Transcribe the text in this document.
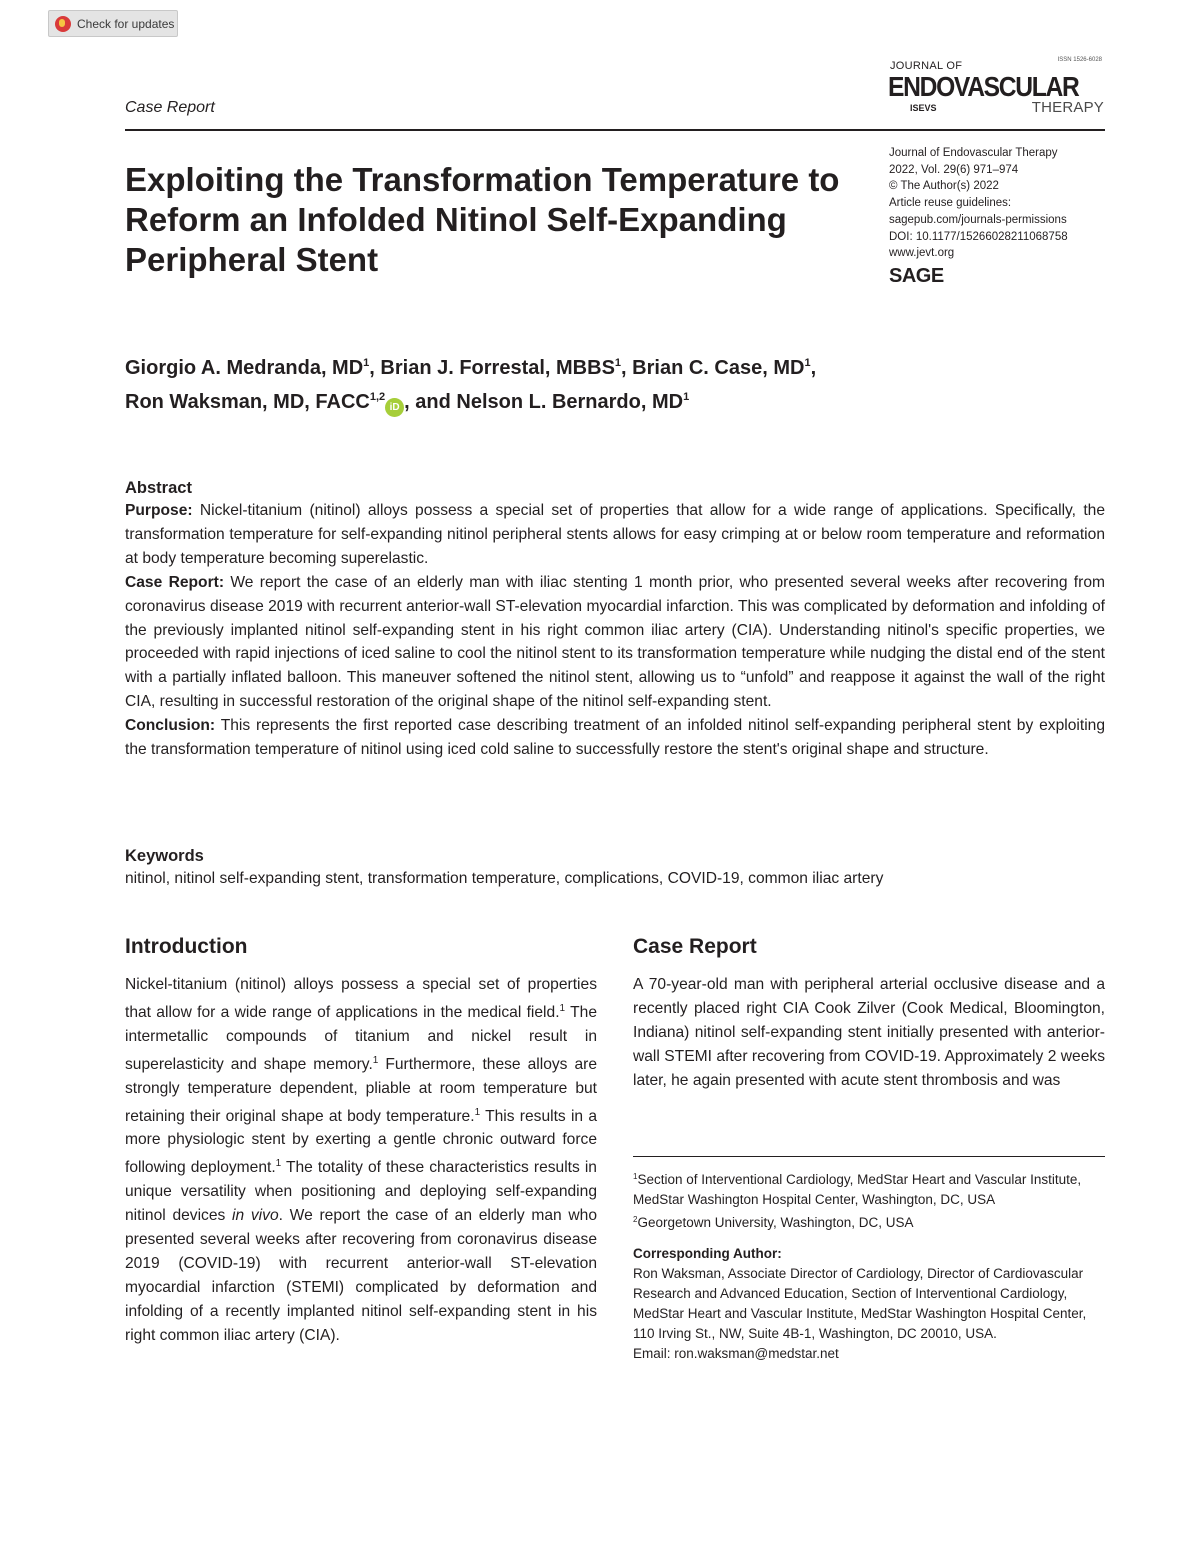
Check for updates
Case Report
ISSN 1526-6028
JOURNAL OF
ENDOVASCULAR
ISEVS	THERAPY
Exploiting the Transformation Temperature to Reform an Infolded Nitinol Self-Expanding Peripheral Stent
Journal of Endovascular Therapy
2022, Vol. 29(6) 971–974
© The Author(s) 2022
Article reuse guidelines:
sagepub.com/journals-permissions
DOI: 10.1177/15266028211068758
www.jevt.org
SAGE
Giorgio A. Medranda, $MD^1$, Brian J. Forrestal, MBBS$^1$, Brian C. Case, $MD^1$,
Ron Waksman, MD, FACC$^{1,2}$iD , and Nelson L. Bernardo, $MD^1$
Abstract

Purpose: Nickel-titanium (nitinol) alloys possess a special set of properties that allow for a wide range of applications. Specifically, the transformation temperature for self-expanding nitinol peripheral stents allows for easy crimping at or below room temperature and reformation at body temperature becoming superelastic.

Case Report: We report the case of an elderly man with iliac stenting 1 month prior, who presented several weeks after recovering from coronavirus disease 2019 with recurrent anterior-wall ST-elevation myocardial infarction. This was complicated by deformation and infolding of the previously implanted nitinol self-expanding stent in his right common iliac artery (CIA). Understanding nitinol's specific properties, we proceeded with rapid injections of iced saline to cool the nitinol stent to its transformation temperature while nudging the distal end of the stent with a partially inflated balloon. This maneuver softened the nitinol stent, allowing us to “unfold” and reappose it against the wall of the right CIA, resulting in successful restoration of the original shape of the nitinol self-expanding stent.

Conclusion: This represents the first reported case describing treatment of an infolded nitinol self-expanding peripheral stent by exploiting the transformation temperature of nitinol using iced cold saline to successfully restore the stent's original shape and structure.

Keywords

nitinol, nitinol self-expanding stent, transformation temperature, complications, COVID-19, common iliac artery

Introduction

Nickel-titanium (nitinol) alloys possess a special set of properties that allow for a wide range of applications in the medical field.$^1$ The intermetallic compounds of titanium and nickel result in superelasticity and shape memory.$^1$ Furthermore, these alloys are strongly temperature dependent, pliable at room temperature but retaining their original shape at body temperature.$^1$ This results in a more physiologic stent by exerting a gentle chronic outward force following deployment.$^1$ The totality of these characteristics results in unique versatility when positioning and deploying self-expanding nitinol devices in vivo. We report the case of an elderly man who presented several weeks after recovering from coronavirus disease 2019 (COVID-19) with recurrent anterior-wall ST-elevation myocardial infarction (STEMI) complicated by deformation and infolding of a recently implanted nitinol self-expanding stent in his right common iliac artery (CIA).

Case Report

A 70-year-old man with peripheral arterial occlusive disease and a recently placed right CIA Cook Zilver (Cook Medical, Bloomington, Indiana) nitinol self-expanding stent initially presented with anterior-wall STEMI after recovering from COVID-19. Approximately 2 weeks later, he again presented with acute stent thrombosis and was

$^1$Section of Interventional Cardiology, MedStar Heart and Vascular Institute, MedStar Washington Hospital Center, Washington, DC, USA
$^2$Georgetown University, Washington, DC, USA
Corresponding Author:
Ron Waksman, Associate Director of Cardiology, Director of Cardiovascular Research and Advanced Education, Section of Interventional Cardiology, MedStar Heart and Vascular Institute, MedStar Washington Hospital Center, 110 Irving St., NW, Suite 4B-1, Washington, DC 20010, USA.
Email: ron.waksman@medstar.net
